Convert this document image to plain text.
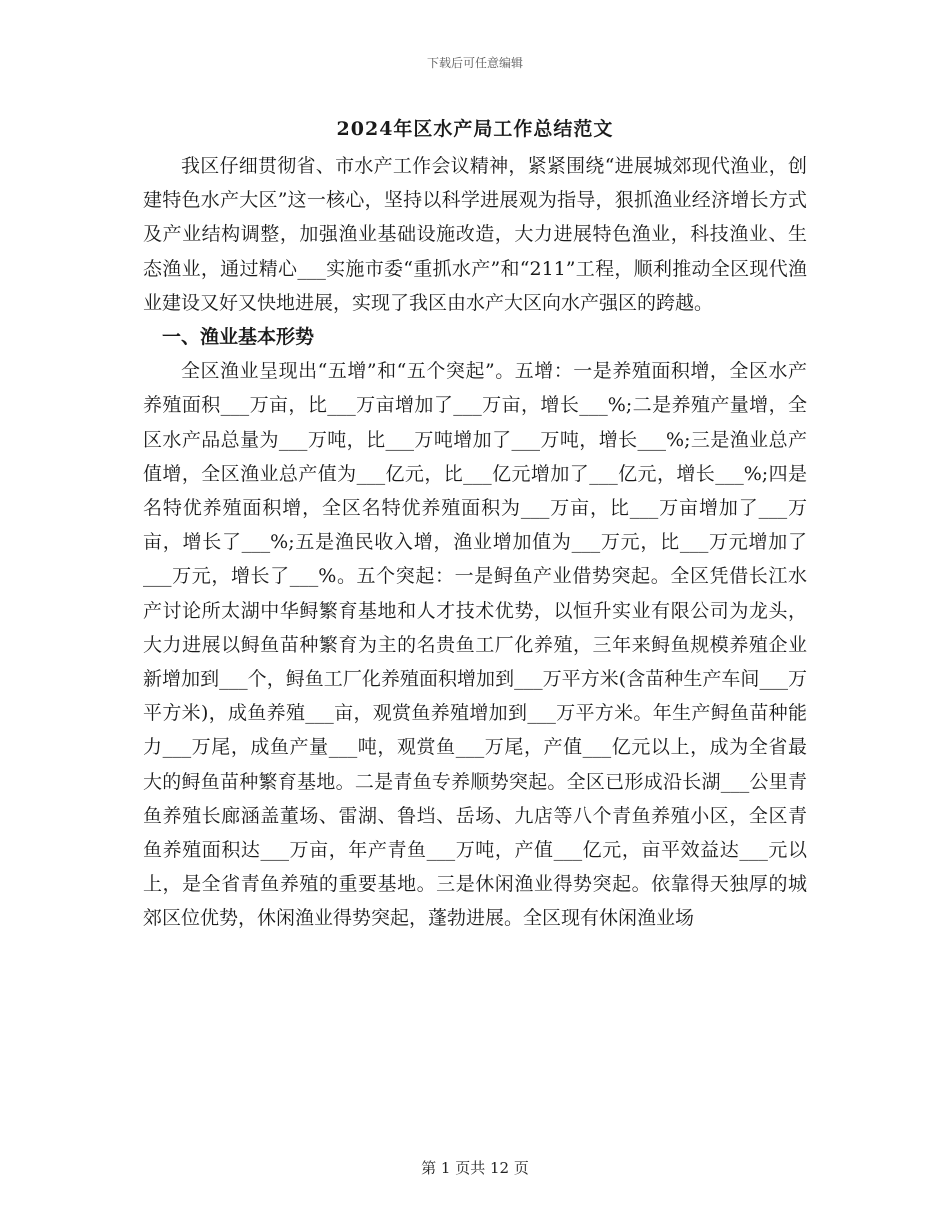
下载后可任意编辑
2024年区水产局工作总结范文

我区仔细贯彻省、市水产工作会议精神，紧紧围绕“进展城郊现代渔业，创建特色水产大区”这一核心，坚持以科学进展观为指导，狠抓渔业经济增长方式及产业结构调整，加强渔业基础设施改造，大力进展特色渔业，科技渔业、生态渔业，通过精心___实施市委“重抓水产”和“211”工程，顺利推动全区现代渔业建设又好又快地进展，实现了我区由水产大区向水产强区的跨越。

一、渔业基本形势

全区渔业呈现出“五增”和“五个突起”。五增：一是养殖面积增，全区水产养殖面积___万亩，比___万亩增加了___万亩，增长___%;二是养殖产量增，全区水产品总量为___万吨，比___万吨增加了___万吨，增长___%;三是渔业总产值增，全区渔业总产值为___亿元，比___亿元增加了___亿元，增长___%;四是名特优养殖面积增，全区名特优养殖面积为___万亩，比___万亩增加了___万亩，增长了___%;五是渔民收入增，渔业增加值为___万元，比___万元增加了___万元，增长了___%。五个突起：一是鲟鱼产业借势突起。全区凭借长江水产讨论所太湖中华鲟繁育基地和人才技术优势，以恒升实业有限公司为龙头，大力进展以鲟鱼苗种繁育为主的名贵鱼工厂化养殖，三年来鲟鱼规模养殖企业新增加到___个，鲟鱼工厂化养殖面积增加到___万平方米(含苗种生产车间___万平方米)，成鱼养殖___亩，观赏鱼养殖增加到___万平方米。年生产鲟鱼苗种能力___万尾，成鱼产量___吨，观赏鱼___万尾，产值___亿元以上，成为全省最大的鲟鱼苗种繁育基地。二是青鱼专养顺势突起。全区已形成沿长湖___公里青鱼养殖长廊涵盖董场、雷湖、鲁垱、岳场、九店等八个青鱼养殖小区，全区青鱼养殖面积达___万亩，年产青鱼___万吨，产值___亿元，亩平效益达___元以上，是全省青鱼养殖的重要基地。三是休闲渔业得势突起。依靠得天独厚的城郊区位优势，休闲渔业得势突起，蓬勃进展。全区现有休闲渔业场

第 1 页共 12 页
